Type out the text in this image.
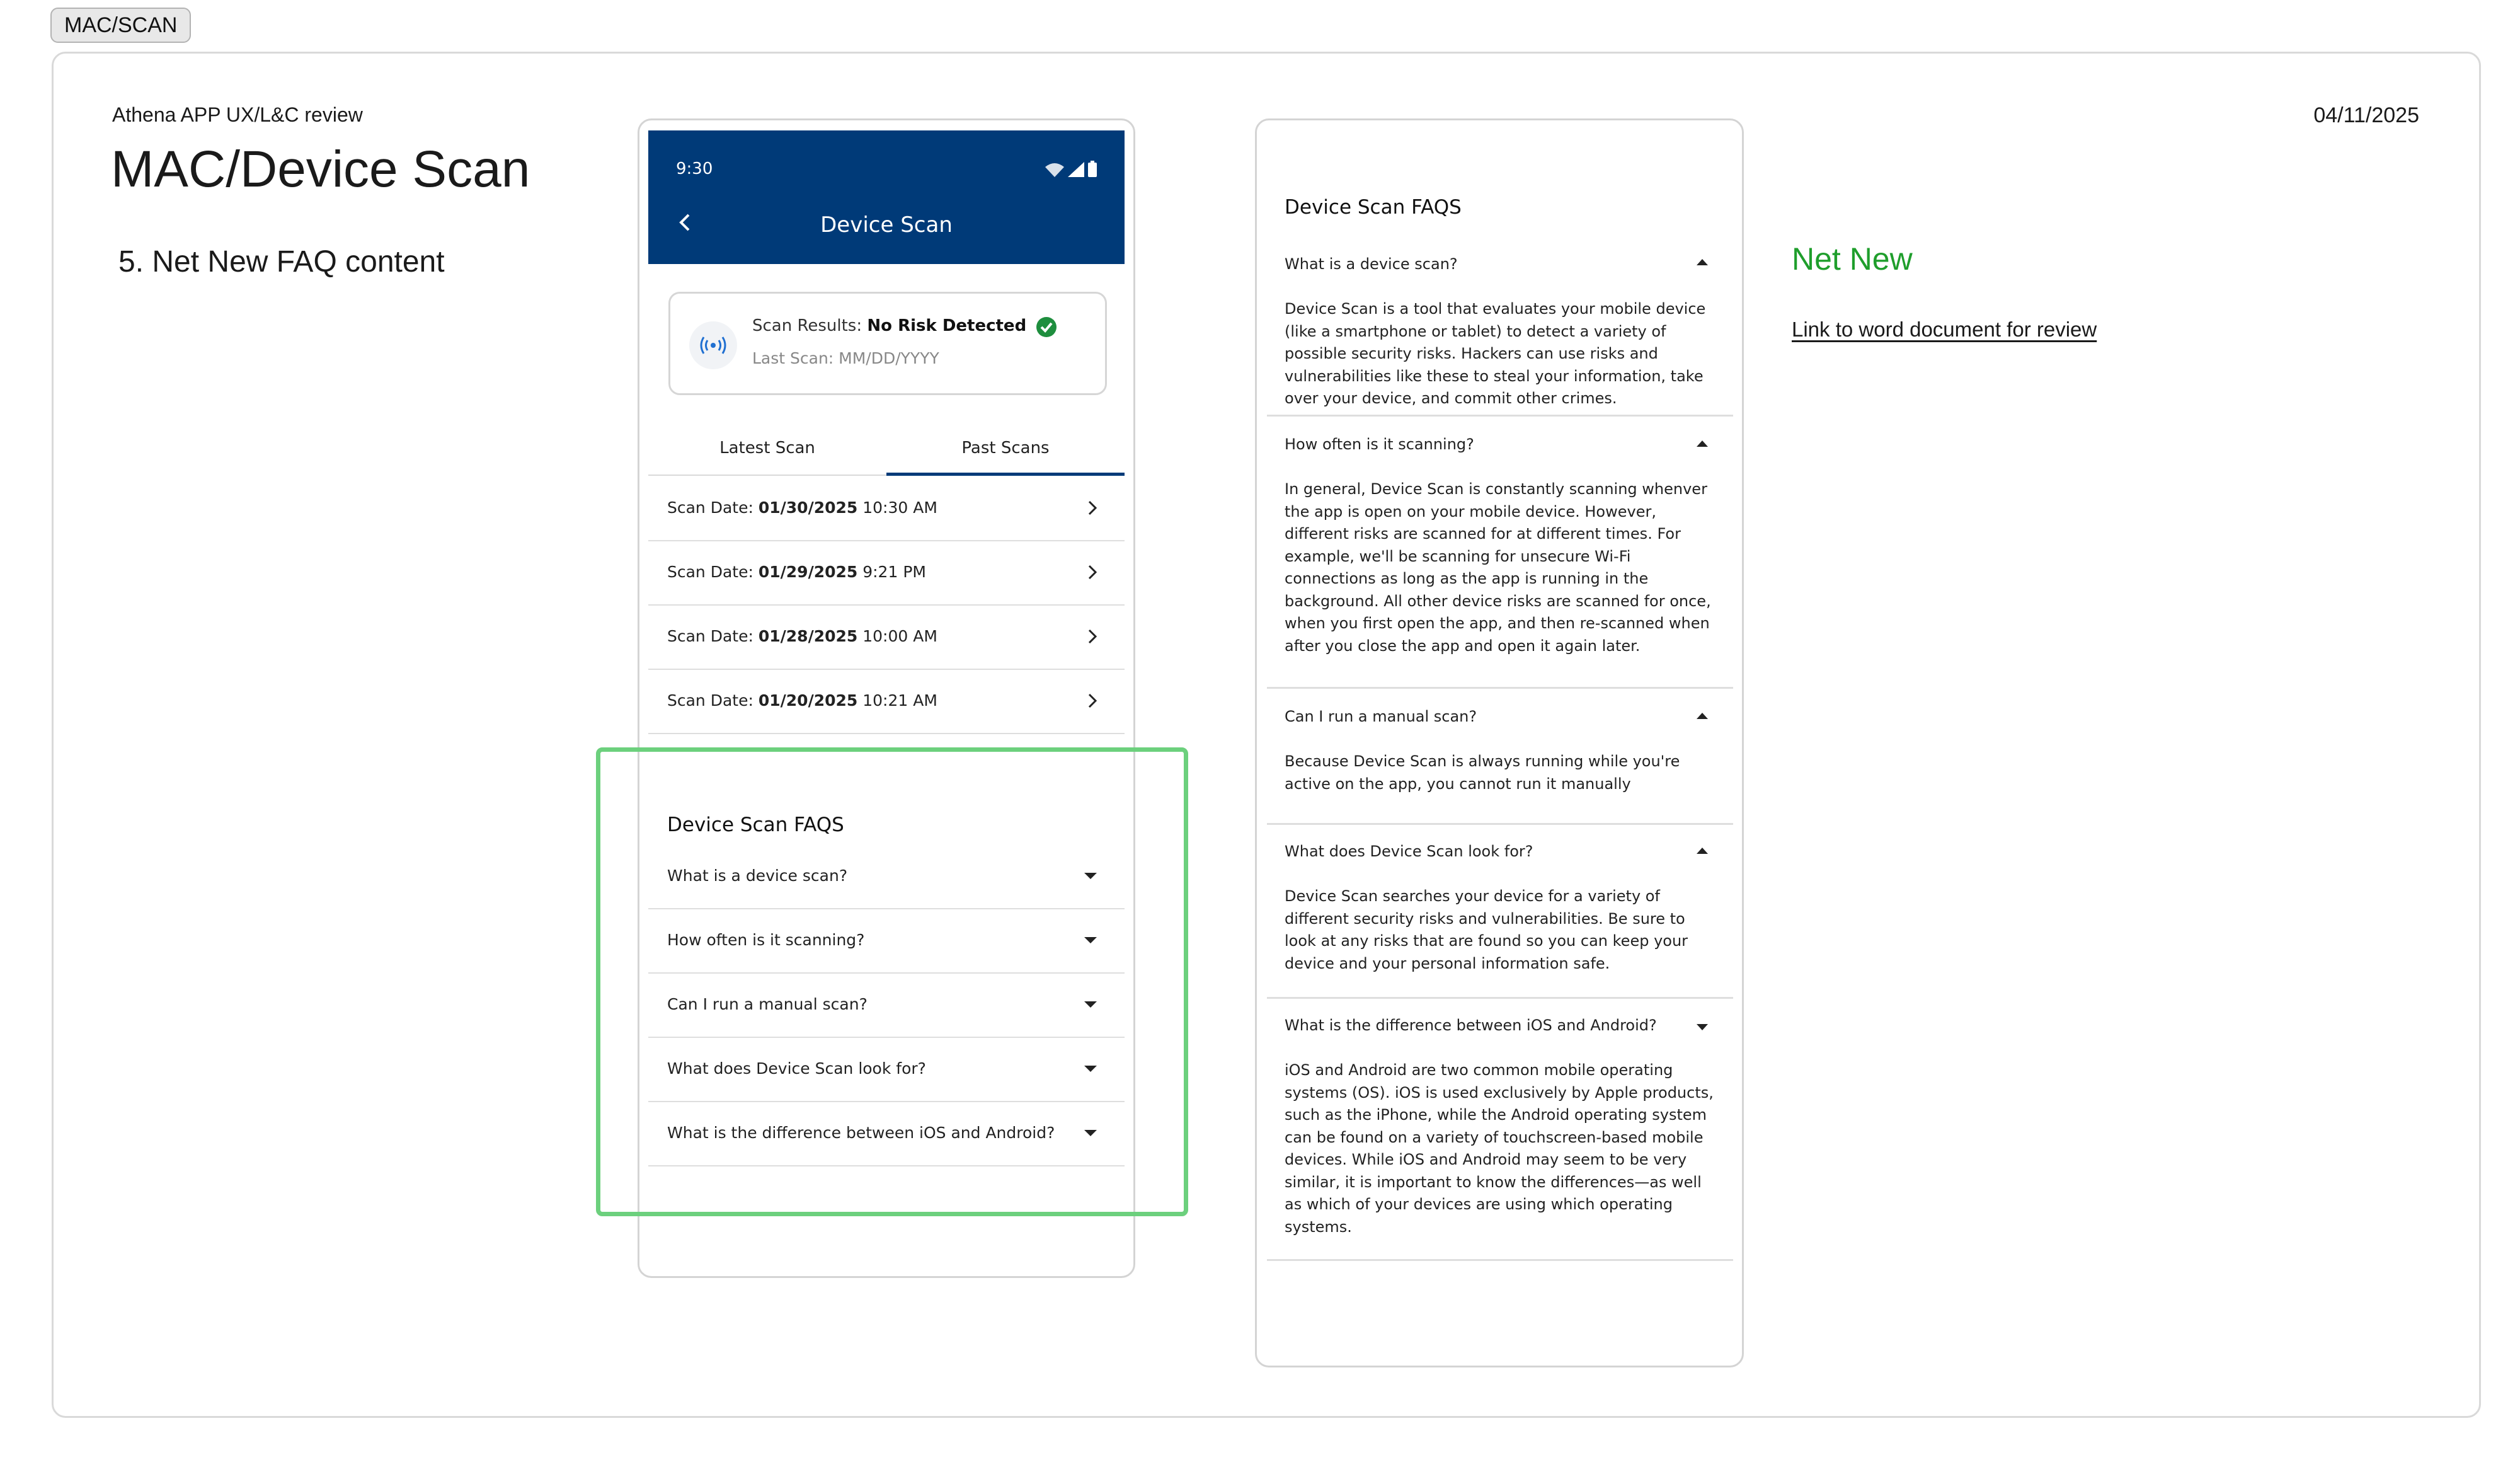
MAC/SCAN
Athena APP UX/L&C review	04/11/2025
MAC/Device Scan
5. Net New FAQ content
9:30
Device Scan
Scan Results: No Risk Detected
Last Scan: MM/DD/YYYY
Latest Scan	Past Scans
Scan Date: 01/30/2025 10:30 AM
Scan Date: 01/29/2025 9:21 PM
Scan Date: 01/28/2025 10:00 AM
Scan Date: 01/20/2025 10:21 AM
Device Scan FAQS
What is a device scan?
How often is it scanning?
Can I run a manual scan?
What does Device Scan look for?
What is the difference between iOS and Android?
Device Scan FAQS
What is a device scan?
Device Scan is a tool that evaluates your mobile device
(like a smartphone or tablet) to detect a variety of
possible security risks. Hackers can use risks and
vulnerabilities like these to steal your information, take
over your device, and commit other crimes.
How often is it scanning?
In general, Device Scan is constantly scanning whenver
the app is open on your mobile device. However,
different risks are scanned for at different times. For
example, we'll be scanning for unsecure Wi-Fi
connections as long as the app is running in the
background. All other device risks are scanned for once,
when you first open the app, and then re-scanned when
after you close the app and open it again later.
Can I run a manual scan?
Because Device Scan is always running while you're
active on the app, you cannot run it manually
What does Device Scan look for?
Device Scan searches your device for a variety of
different security risks and vulnerabilities. Be sure to
look at any risks that are found so you can keep your
device and your personal information safe.
What is the difference between iOS and Android?
iOS and Android are two common mobile operating
systems (OS). iOS is used exclusively by Apple products,
such as the iPhone, while the Android operating system
can be found on a variety of touchscreen-based mobile
devices. While iOS and Android may seem to be very
similar, it is important to know the differences—as well
as which of your devices are using which operating
systems.
Net New
Link to word document for review
